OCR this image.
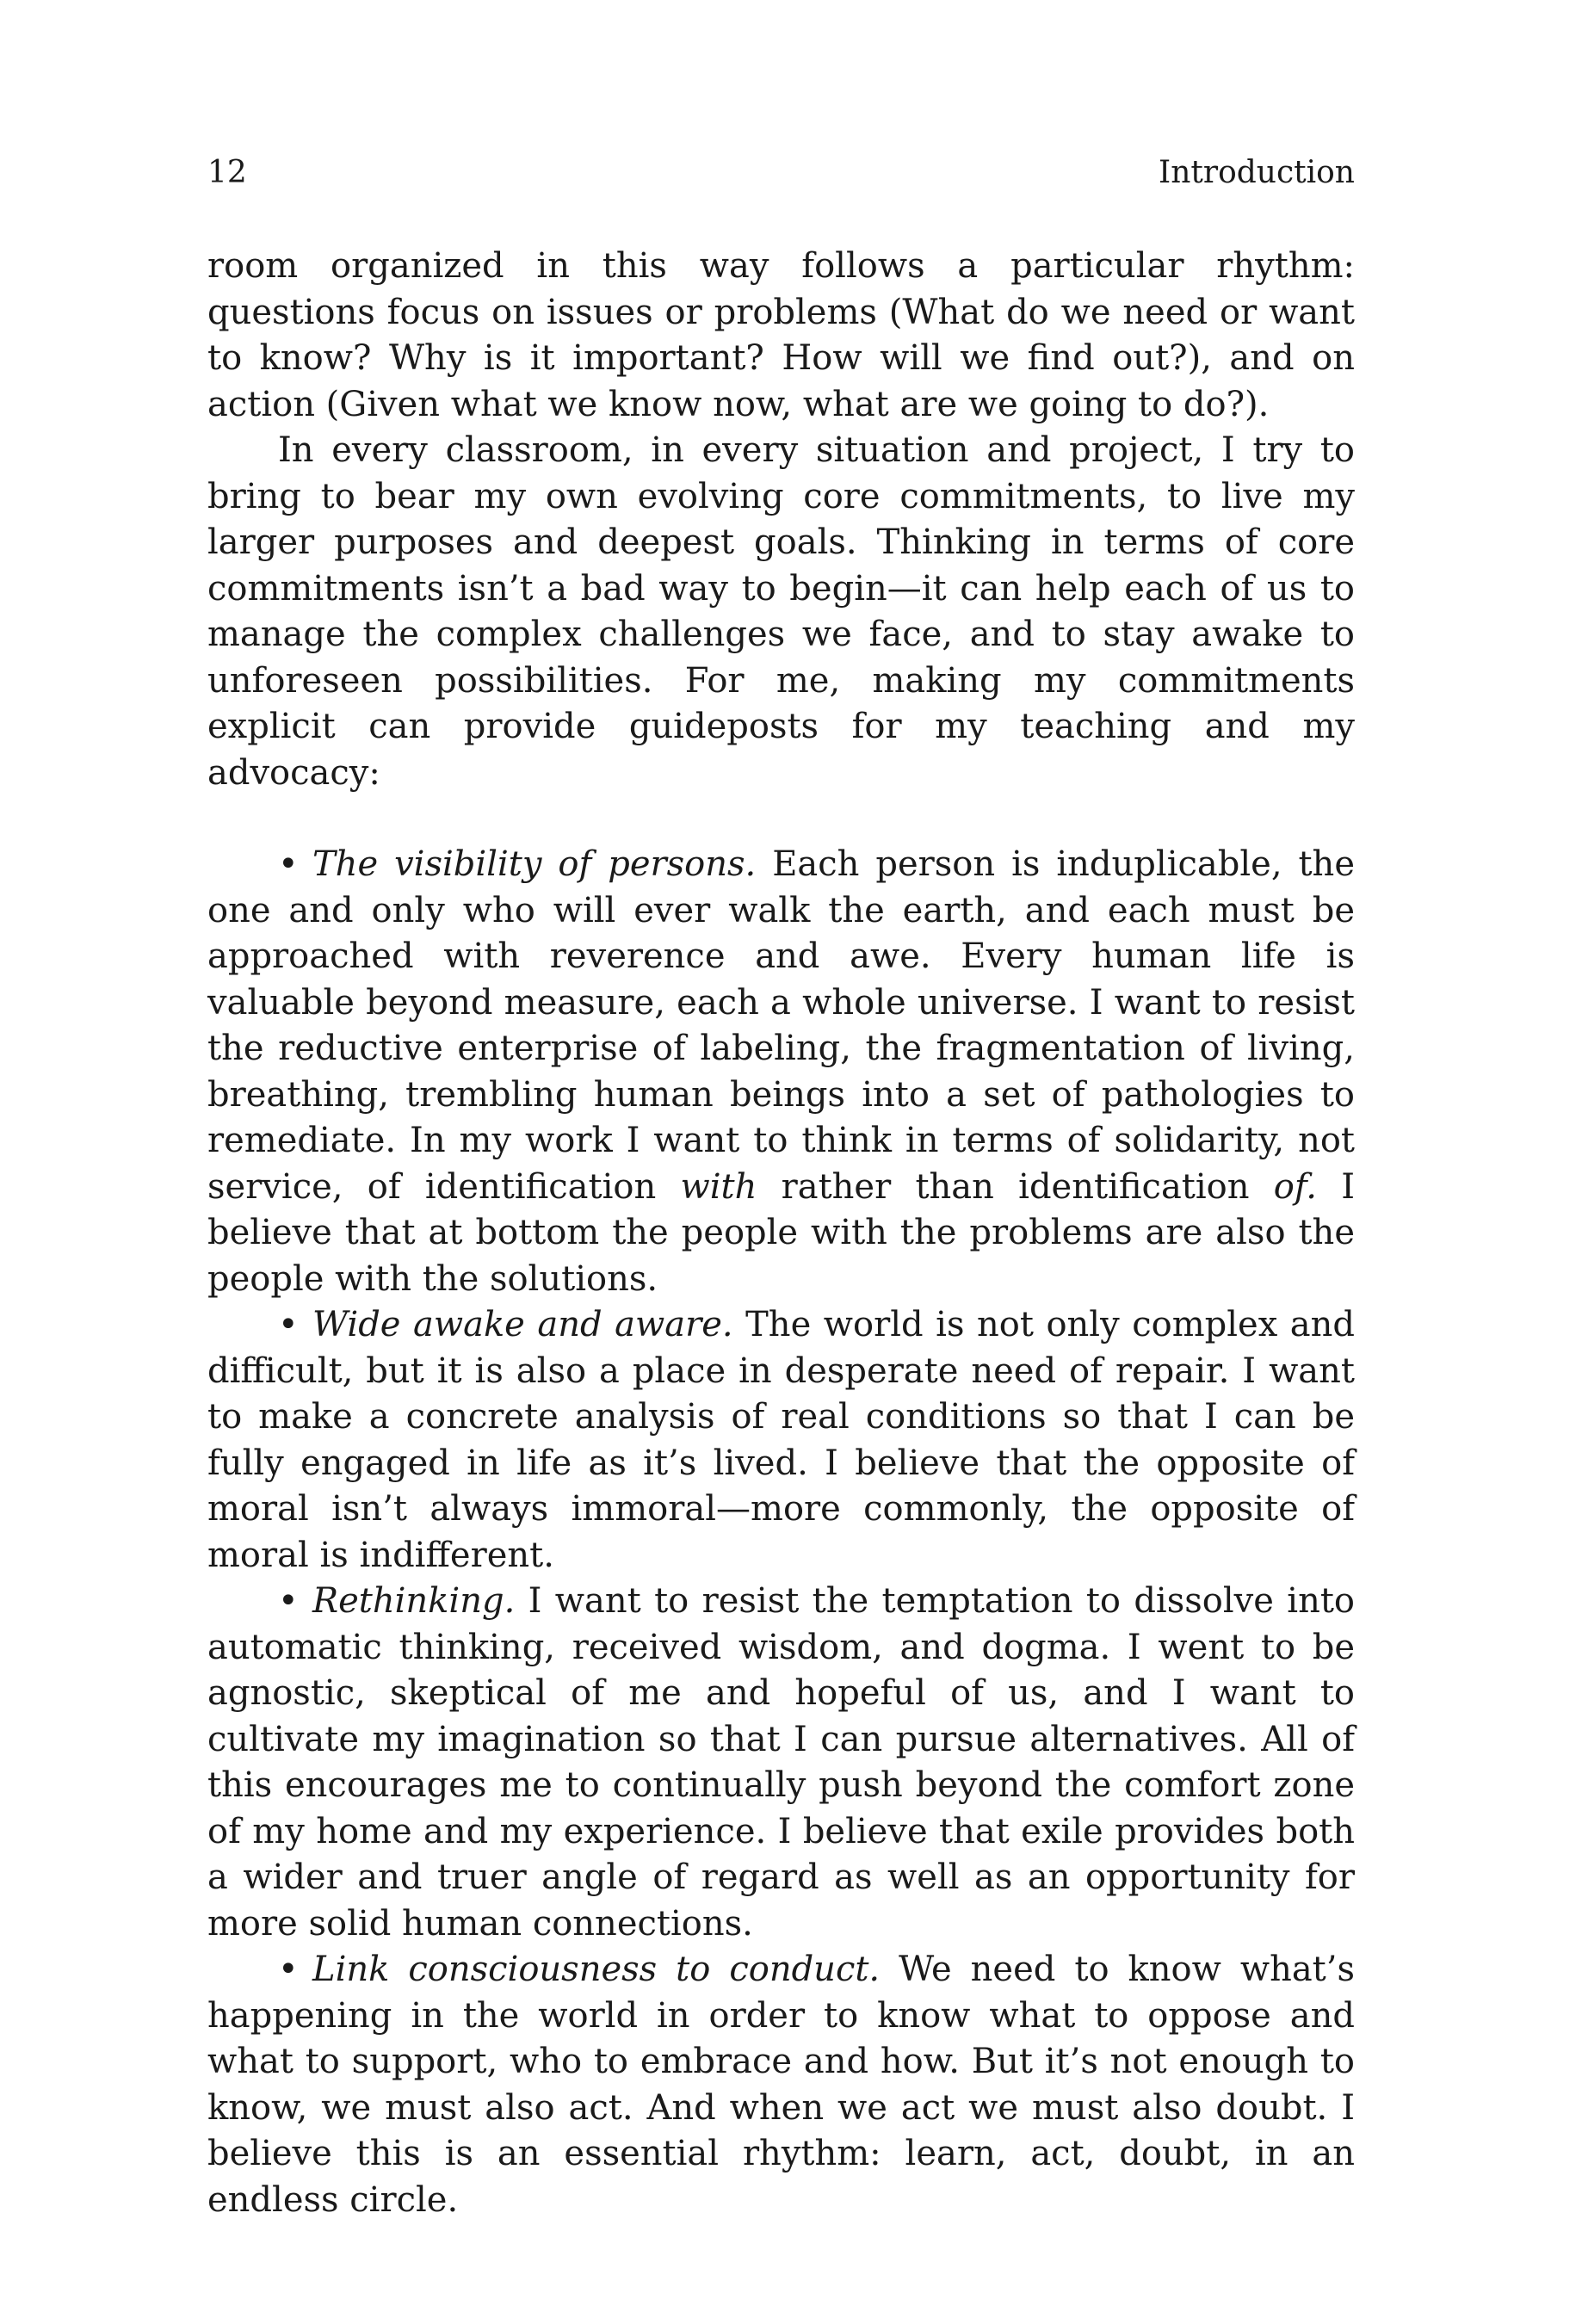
12	Introduction

room organized in this way follows a particular rhythm: questions focus on issues or problems (What do we need or want to know? Why is it important? How will we find out?), and on action (Given what we know now, what are we going to do?).

In every classroom, in every situation and project, I try to bring to bear my own evolving core commitments, to live my larger purposes and deepest goals. Thinking in terms of core commitments isn’t a bad way to begin—it can help each of us to manage the complex challenges we face, and to stay awake to unforeseen possibilities. For me, making my commitments explicit can provide guideposts for my teaching and my advocacy:

• The visibility of persons. Each person is induplicable, the one and only who will ever walk the earth, and each must be approached with reverence and awe. Every human life is valuable beyond measure, each a whole universe. I want to resist the reductive enterprise of labeling, the fragmentation of living, breathing, trembling human beings into a set of pathologies to remediate. In my work I want to think in terms of solidarity, not service, of identification with rather than identification of. I believe that at bottom the people with the problems are also the people with the solutions.

• Wide awake and aware. The world is not only complex and difficult, but it is also a place in desperate need of repair. I want to make a concrete analysis of real conditions so that I can be fully engaged in life as it’s lived. I believe that the opposite of moral isn’t always immoral—more commonly, the opposite of moral is indifferent.

• Rethinking. I want to resist the temptation to dissolve into automatic thinking, received wisdom, and dogma. I went to be agnostic, skeptical of me and hopeful of us, and I want to cultivate my imagination so that I can pursue alternatives. All of this encourages me to continually push beyond the comfort zone of my home and my experience. I believe that exile provides both a wider and truer angle of regard as well as an opportunity for more solid human connections.

• Link consciousness to conduct. We need to know what’s happening in the world in order to know what to oppose and what to support, who to embrace and how. But it’s not enough to know, we must also act. And when we act we must also doubt. I believe this is an essential rhythm: learn, act, doubt, in an endless circle.
